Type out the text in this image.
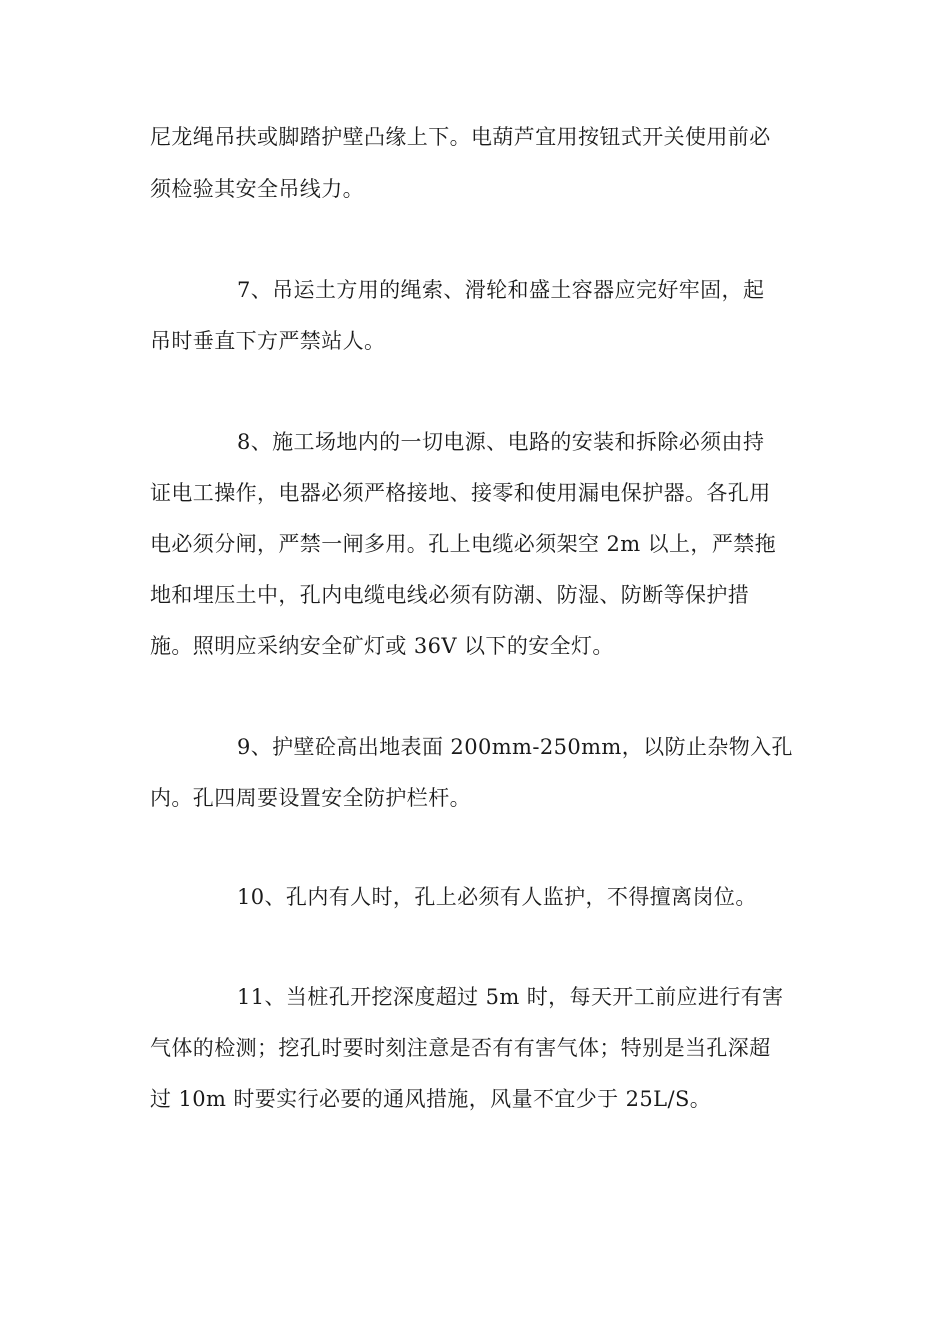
尼龙绳吊扶或脚踏护壁凸缘上下。电葫芦宜用按钮式开关使用前必

须检验其安全吊线力。

7、吊运土方用的绳索、滑轮和盛土容器应完好牢固，起

吊时垂直下方严禁站人。

8、施工场地内的一切电源、电路的安装和拆除必须由持

证电工操作，电器必须严格接地、接零和使用漏电保护器。各孔用

电必须分闸，严禁一闸多用。孔上电缆必须架空 2m 以上，严禁拖

地和埋压土中，孔内电缆电线必须有防潮、防湿、防断等保护措

施。照明应采纳安全矿灯或 36V 以下的安全灯。

9、护壁砼高出地表面 200mm-250mm，以防止杂物入孔

内。孔四周要设置安全防护栏杆。

10、孔内有人时，孔上必须有人监护，不得擅离岗位。

11、当桩孔开挖深度超过 5m 时，每天开工前应进行有害

气体的检测；挖孔时要时刻注意是否有有害气体；特别是当孔深超

过 10m 时要实行必要的通风措施，风量不宜少于 25L/S。
